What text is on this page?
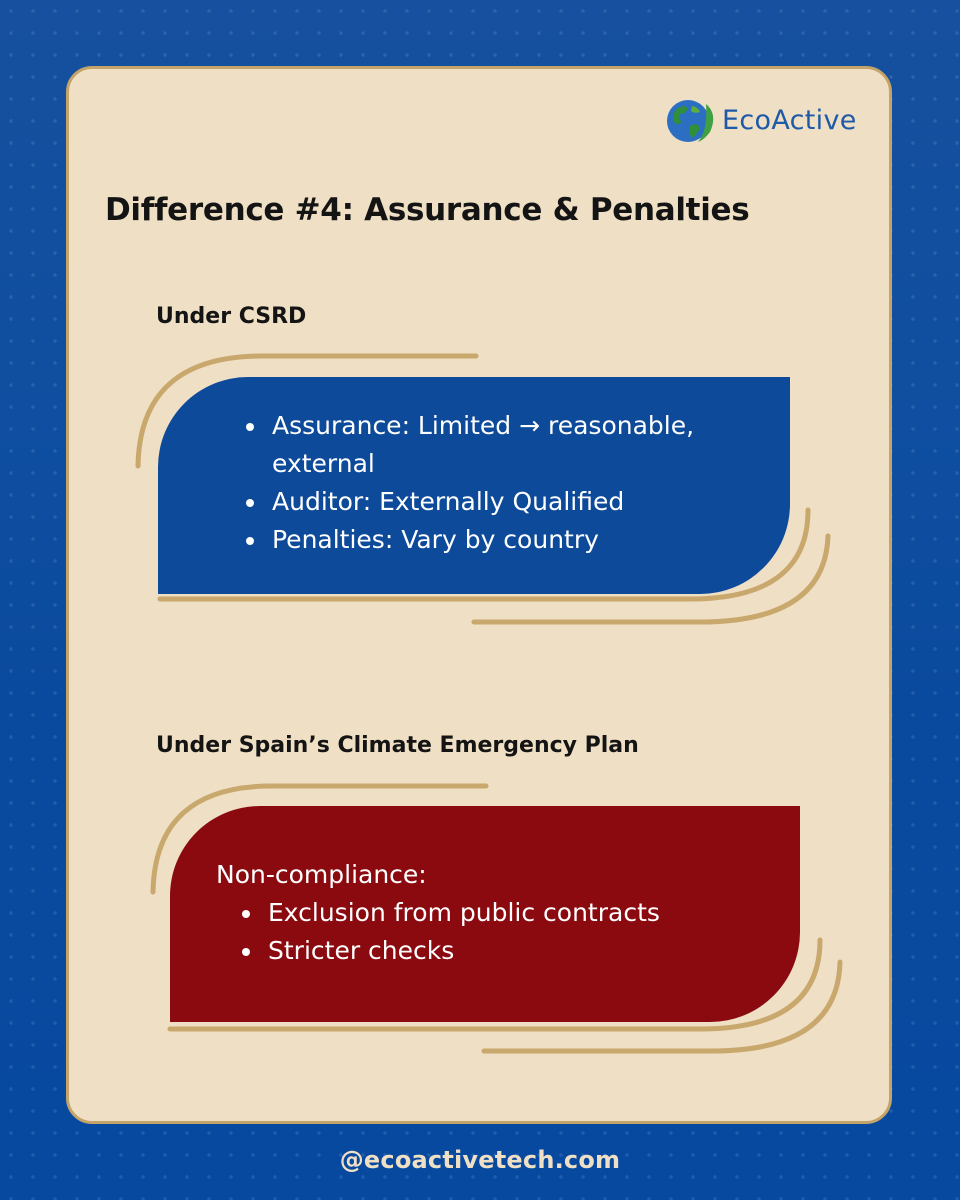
EcoActive
Difference #4: Assurance & Penalties
Under CSRD
Assurance: Limited → reasonable,
external
Auditor: Externally Qualified
Penalties: Vary by country
Under Spain’s Climate Emergency Plan
Non-compliance:
Exclusion from public contracts
Stricter checks
@ecoactivetech.com
